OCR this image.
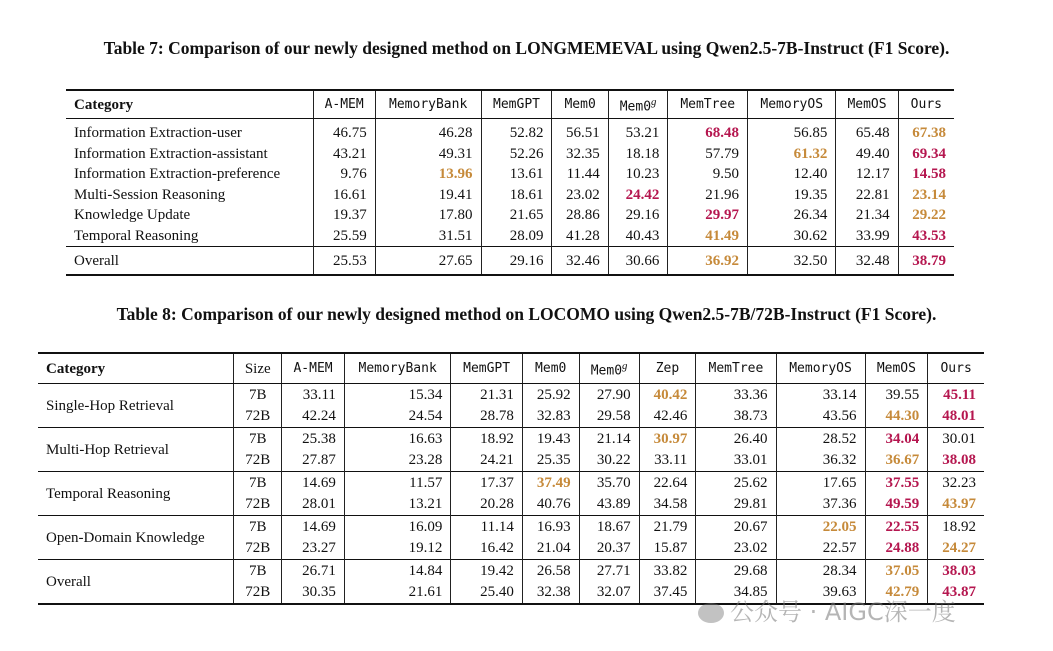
Table 7: Comparison of our newly designed method on LONGMEMEVAL using Qwen2.5-7B-Instruct (F1 Score).
Category	A-MEM	MemoryBank	MemGPT	Mem0	Mem0$^g$	MemTree	MemoryOS	MemOS	Ours
Information Extraction-user	46.75	46.28	52.82	56.51	53.21	68.48	56.85	65.48	67.38
Information Extraction-assistant	43.21	49.31	52.26	32.35	18.18	57.79	61.32	49.40	69.34
Information Extraction-preference	9.76	13.96	13.61	11.44	10.23	9.50	12.40	12.17	14.58
Multi-Session Reasoning	16.61	19.41	18.61	23.02	24.42	21.96	19.35	22.81	23.14
Knowledge Update	19.37	17.80	21.65	28.86	29.16	29.97	26.34	21.34	29.22
Temporal Reasoning	25.59	31.51	28.09	41.28	40.43	41.49	30.62	33.99	43.53
Overall	25.53	27.65	29.16	32.46	30.66	36.92	32.50	32.48	38.79
Table 8: Comparison of our newly designed method on LOCOMO using Qwen2.5-7B/72B-Instruct (F1 Score).
Category	Size	A-MEM	MemoryBank	MemGPT	Mem0	Mem0$^g$	Zep	MemTree	MemoryOS	MemOS	Ours
Single-Hop Retrieval	7B	33.11	15.34	21.31	25.92	27.90	40.42	33.36	33.14	39.55	45.11
	72B	42.24	24.54	28.78	32.83	29.58	42.46	38.73	43.56	44.30	48.01
Multi-Hop Retrieval	7B	25.38	16.63	18.92	19.43	21.14	30.97	26.40	28.52	34.04	30.01
	72B	27.87	23.28	24.21	25.35	30.22	33.11	33.01	36.32	36.67	38.08
Temporal Reasoning	7B	14.69	11.57	17.37	37.49	35.70	22.64	25.62	17.65	37.55	32.23
	72B	28.01	13.21	20.28	40.76	43.89	34.58	29.81	37.36	49.59	43.97
Open-Domain Knowledge	7B	14.69	16.09	11.14	16.93	18.67	21.79	20.67	22.05	22.55	18.92
	72B	23.27	19.12	16.42	21.04	20.37	15.87	23.02	22.57	24.88	24.27
Overall	7B	26.71	14.84	19.42	26.58	27.71	33.82	29.68	28.34	37.05	38.03
	72B	30.35	21.61	25.40	32.38	32.07	37.45	34.85	39.63	42.79	43.87
公众号 · AIGC深一度
